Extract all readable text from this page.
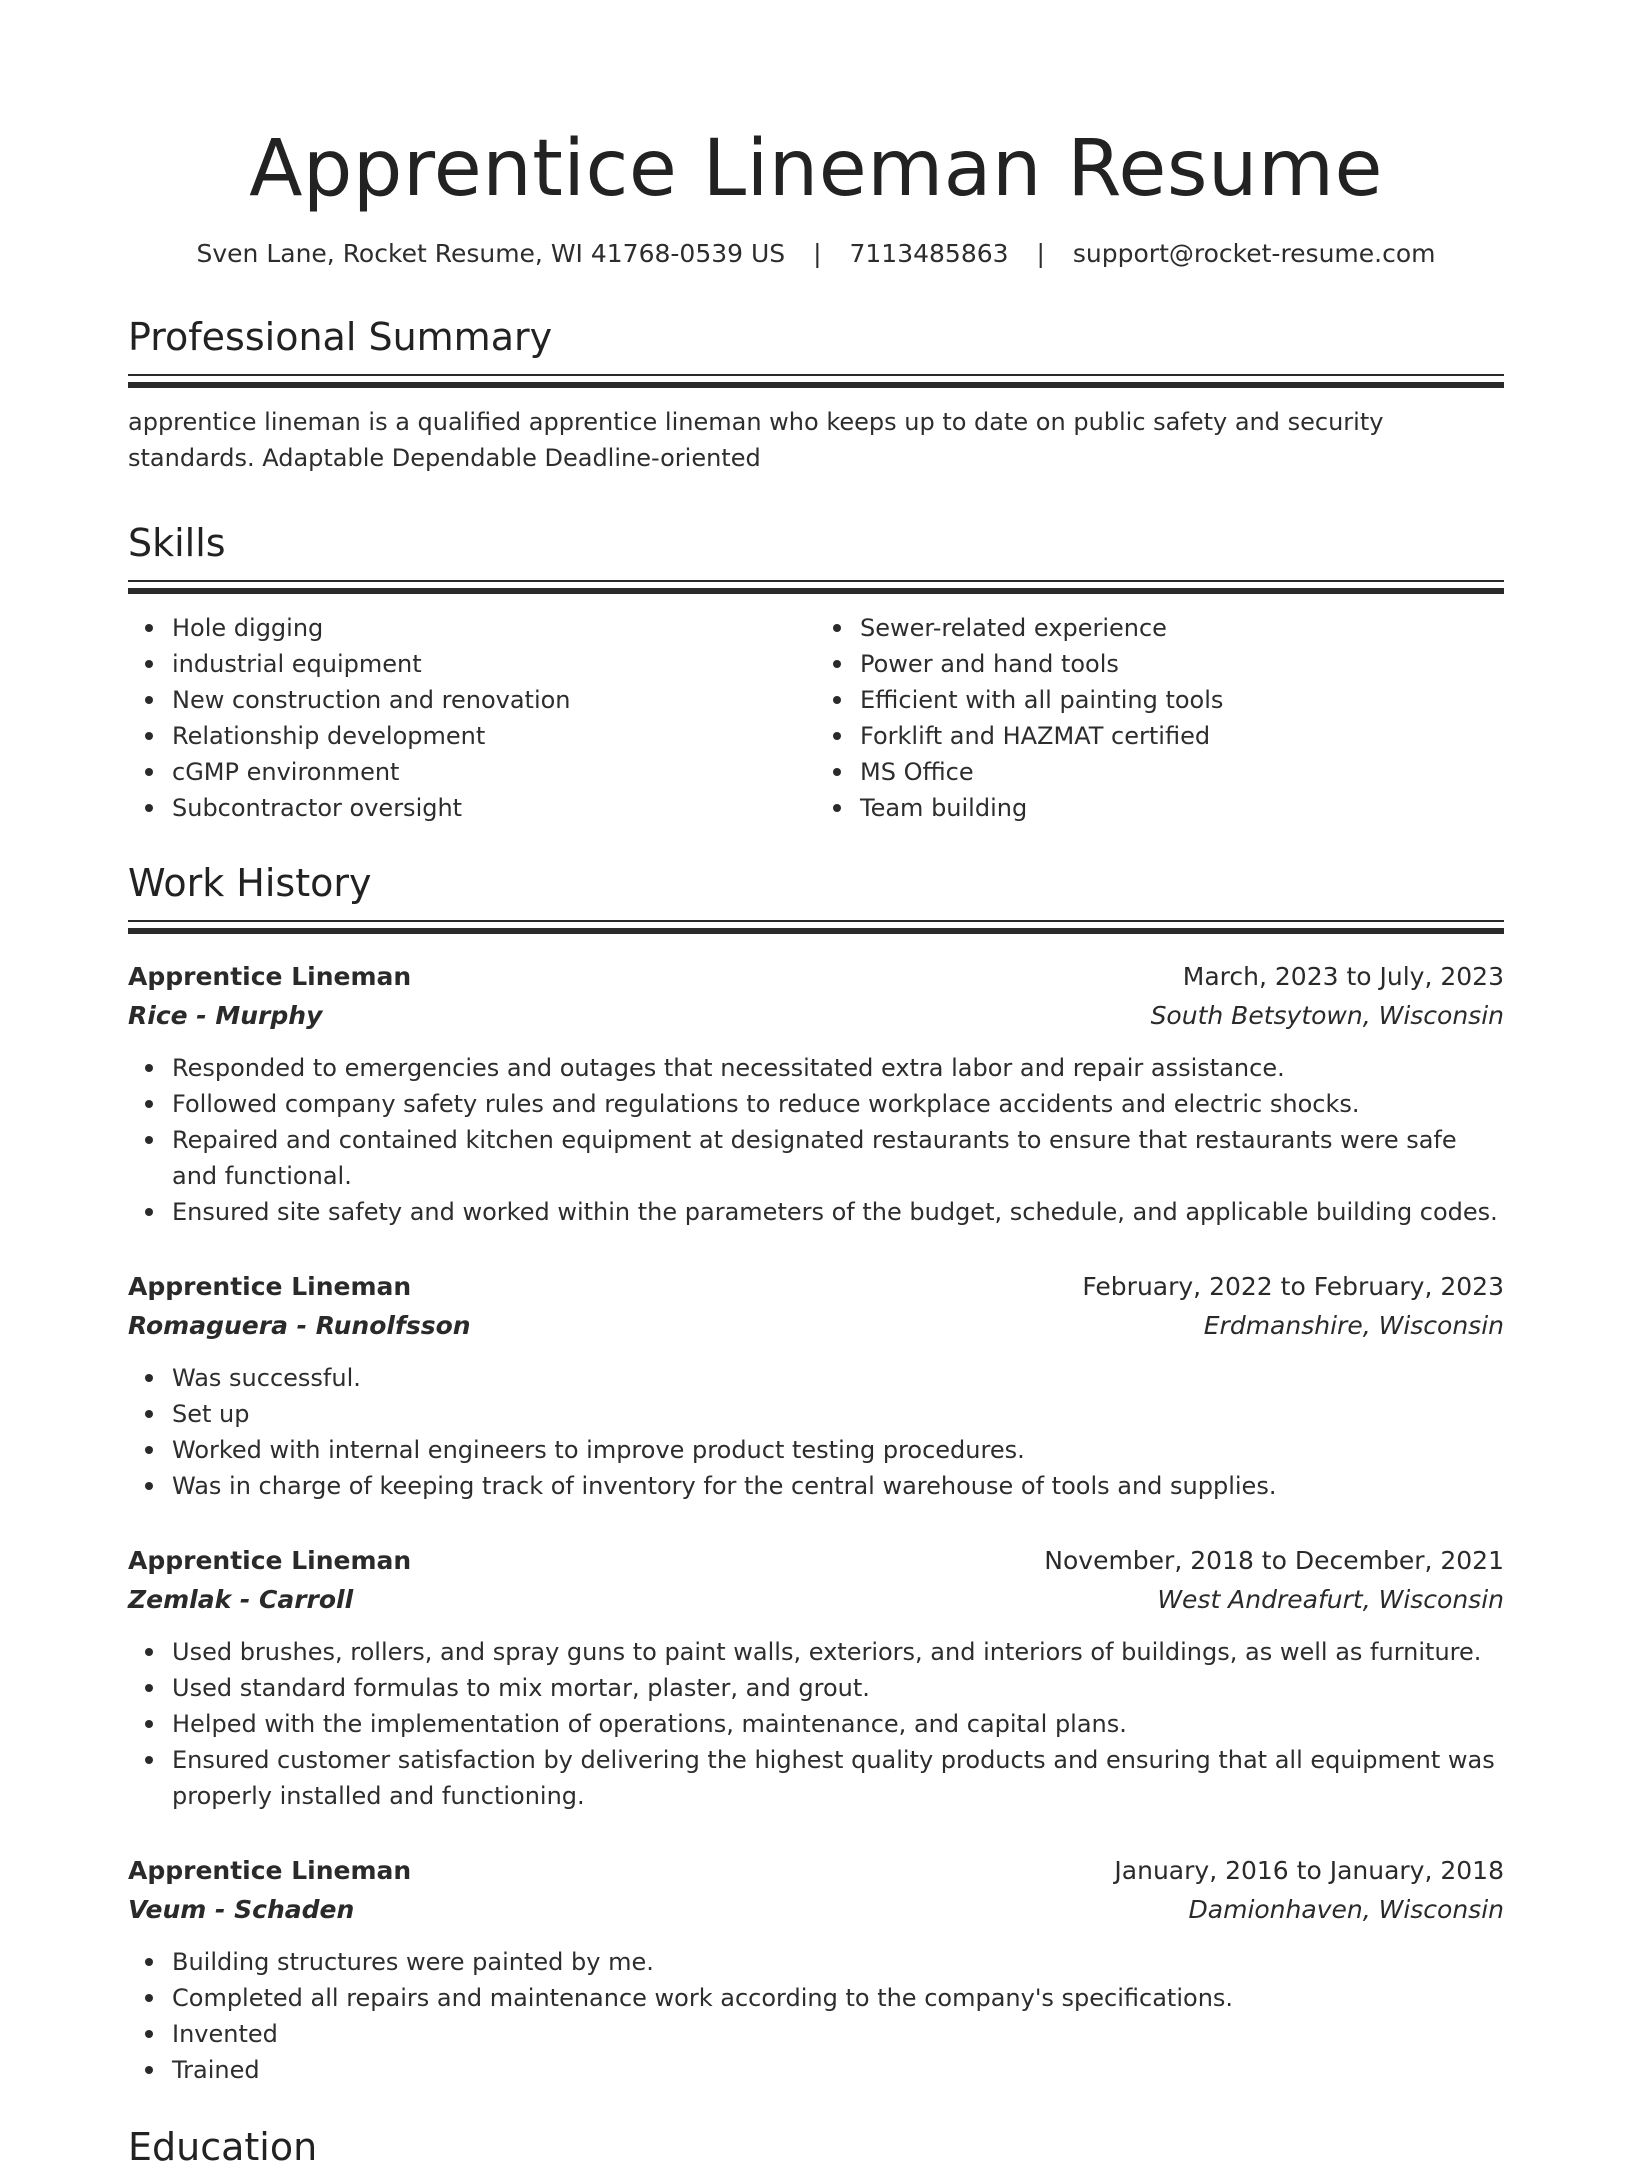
Apprentice Lineman Resume
Sven Lane, Rocket Resume, WI 41768-0539 US | 7113485863 | support@rocket-resume.com
Professional Summary

apprentice lineman is a qualified apprentice lineman who keeps up to date on public safety and security standards. Adaptable Dependable Deadline-oriented

Skills
Hole digging
industrial equipment
New construction and renovation
Relationship development
cGMP environment
Subcontractor oversight
Sewer-related experience
Power and hand tools
Efficient with all painting tools
Forklift and HAZMAT certified
MS Office
Team building
Work History
Apprentice Lineman	March, 2023 to July, 2023
Rice - Murphy	South Betsytown, Wisconsin
Responded to emergencies and outages that necessitated extra labor and repair assistance.
Followed company safety rules and regulations to reduce workplace accidents and electric shocks.
Repaired and contained kitchen equipment at designated restaurants to ensure that restaurants were safe and functional.
Ensured site safety and worked within the parameters of the budget, schedule, and applicable building codes.
Apprentice Lineman	February, 2022 to February, 2023
Romaguera - Runolfsson	Erdmanshire, Wisconsin
Was successful.
Set up
Worked with internal engineers to improve product testing procedures.
Was in charge of keeping track of inventory for the central warehouse of tools and supplies.
Apprentice Lineman	November, 2018 to December, 2021
Zemlak - Carroll	West Andreafurt, Wisconsin
Used brushes, rollers, and spray guns to paint walls, exteriors, and interiors of buildings, as well as furniture.
Used standard formulas to mix mortar, plaster, and grout.
Helped with the implementation of operations, maintenance, and capital plans.
Ensured customer satisfaction by delivering the highest quality products and ensuring that all equipment was properly installed and functioning.
Apprentice Lineman	January, 2016 to January, 2018
Veum - Schaden	Damionhaven, Wisconsin
Building structures were painted by me.
Completed all repairs and maintenance work according to the company's specifications.
Invented
Trained
Education
